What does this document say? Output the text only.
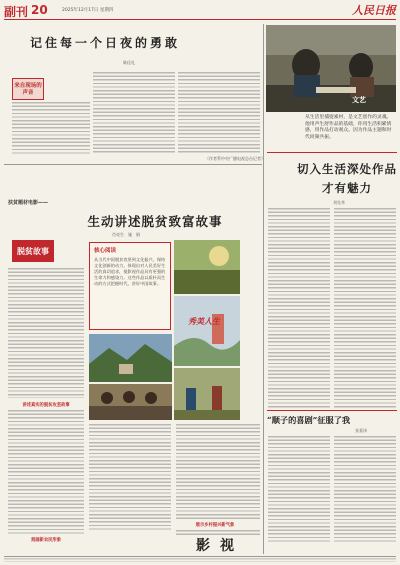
副刊 20	2025年12月17日 星期四	人民日报
记住每一个日夜的勇敢
陈佳礼
来自现场的声音
（作者系中央广播电视总台记者）
文艺
从生活里捕捉素材，是文艺创作的灵魂。他用声生舒作品的基础，你用生活积累情感，用作品打动观众。因为作品主题和时代同频共振。
切入生活深处作品才有魅力
刘先华
扶贫题材电影——
生动讲述脱贫致富故事
肖亮生　施　娟
脱贫故事
讲述真实的脱贫攻坚故事
刻画新农民形象
核心阅读
从当代中国脱贫攻坚到文化振兴，保持文化创新的动力，体现出对人民美好生活的真切追求，使影视作品具有更强的生命力和感染力。这些作品以质朴而生动的方式把握时代，讲好中国故事。
秀美人生
展示乡村振兴新气象
“顺子的喜剧”征服了我
张嘉泽
影视
